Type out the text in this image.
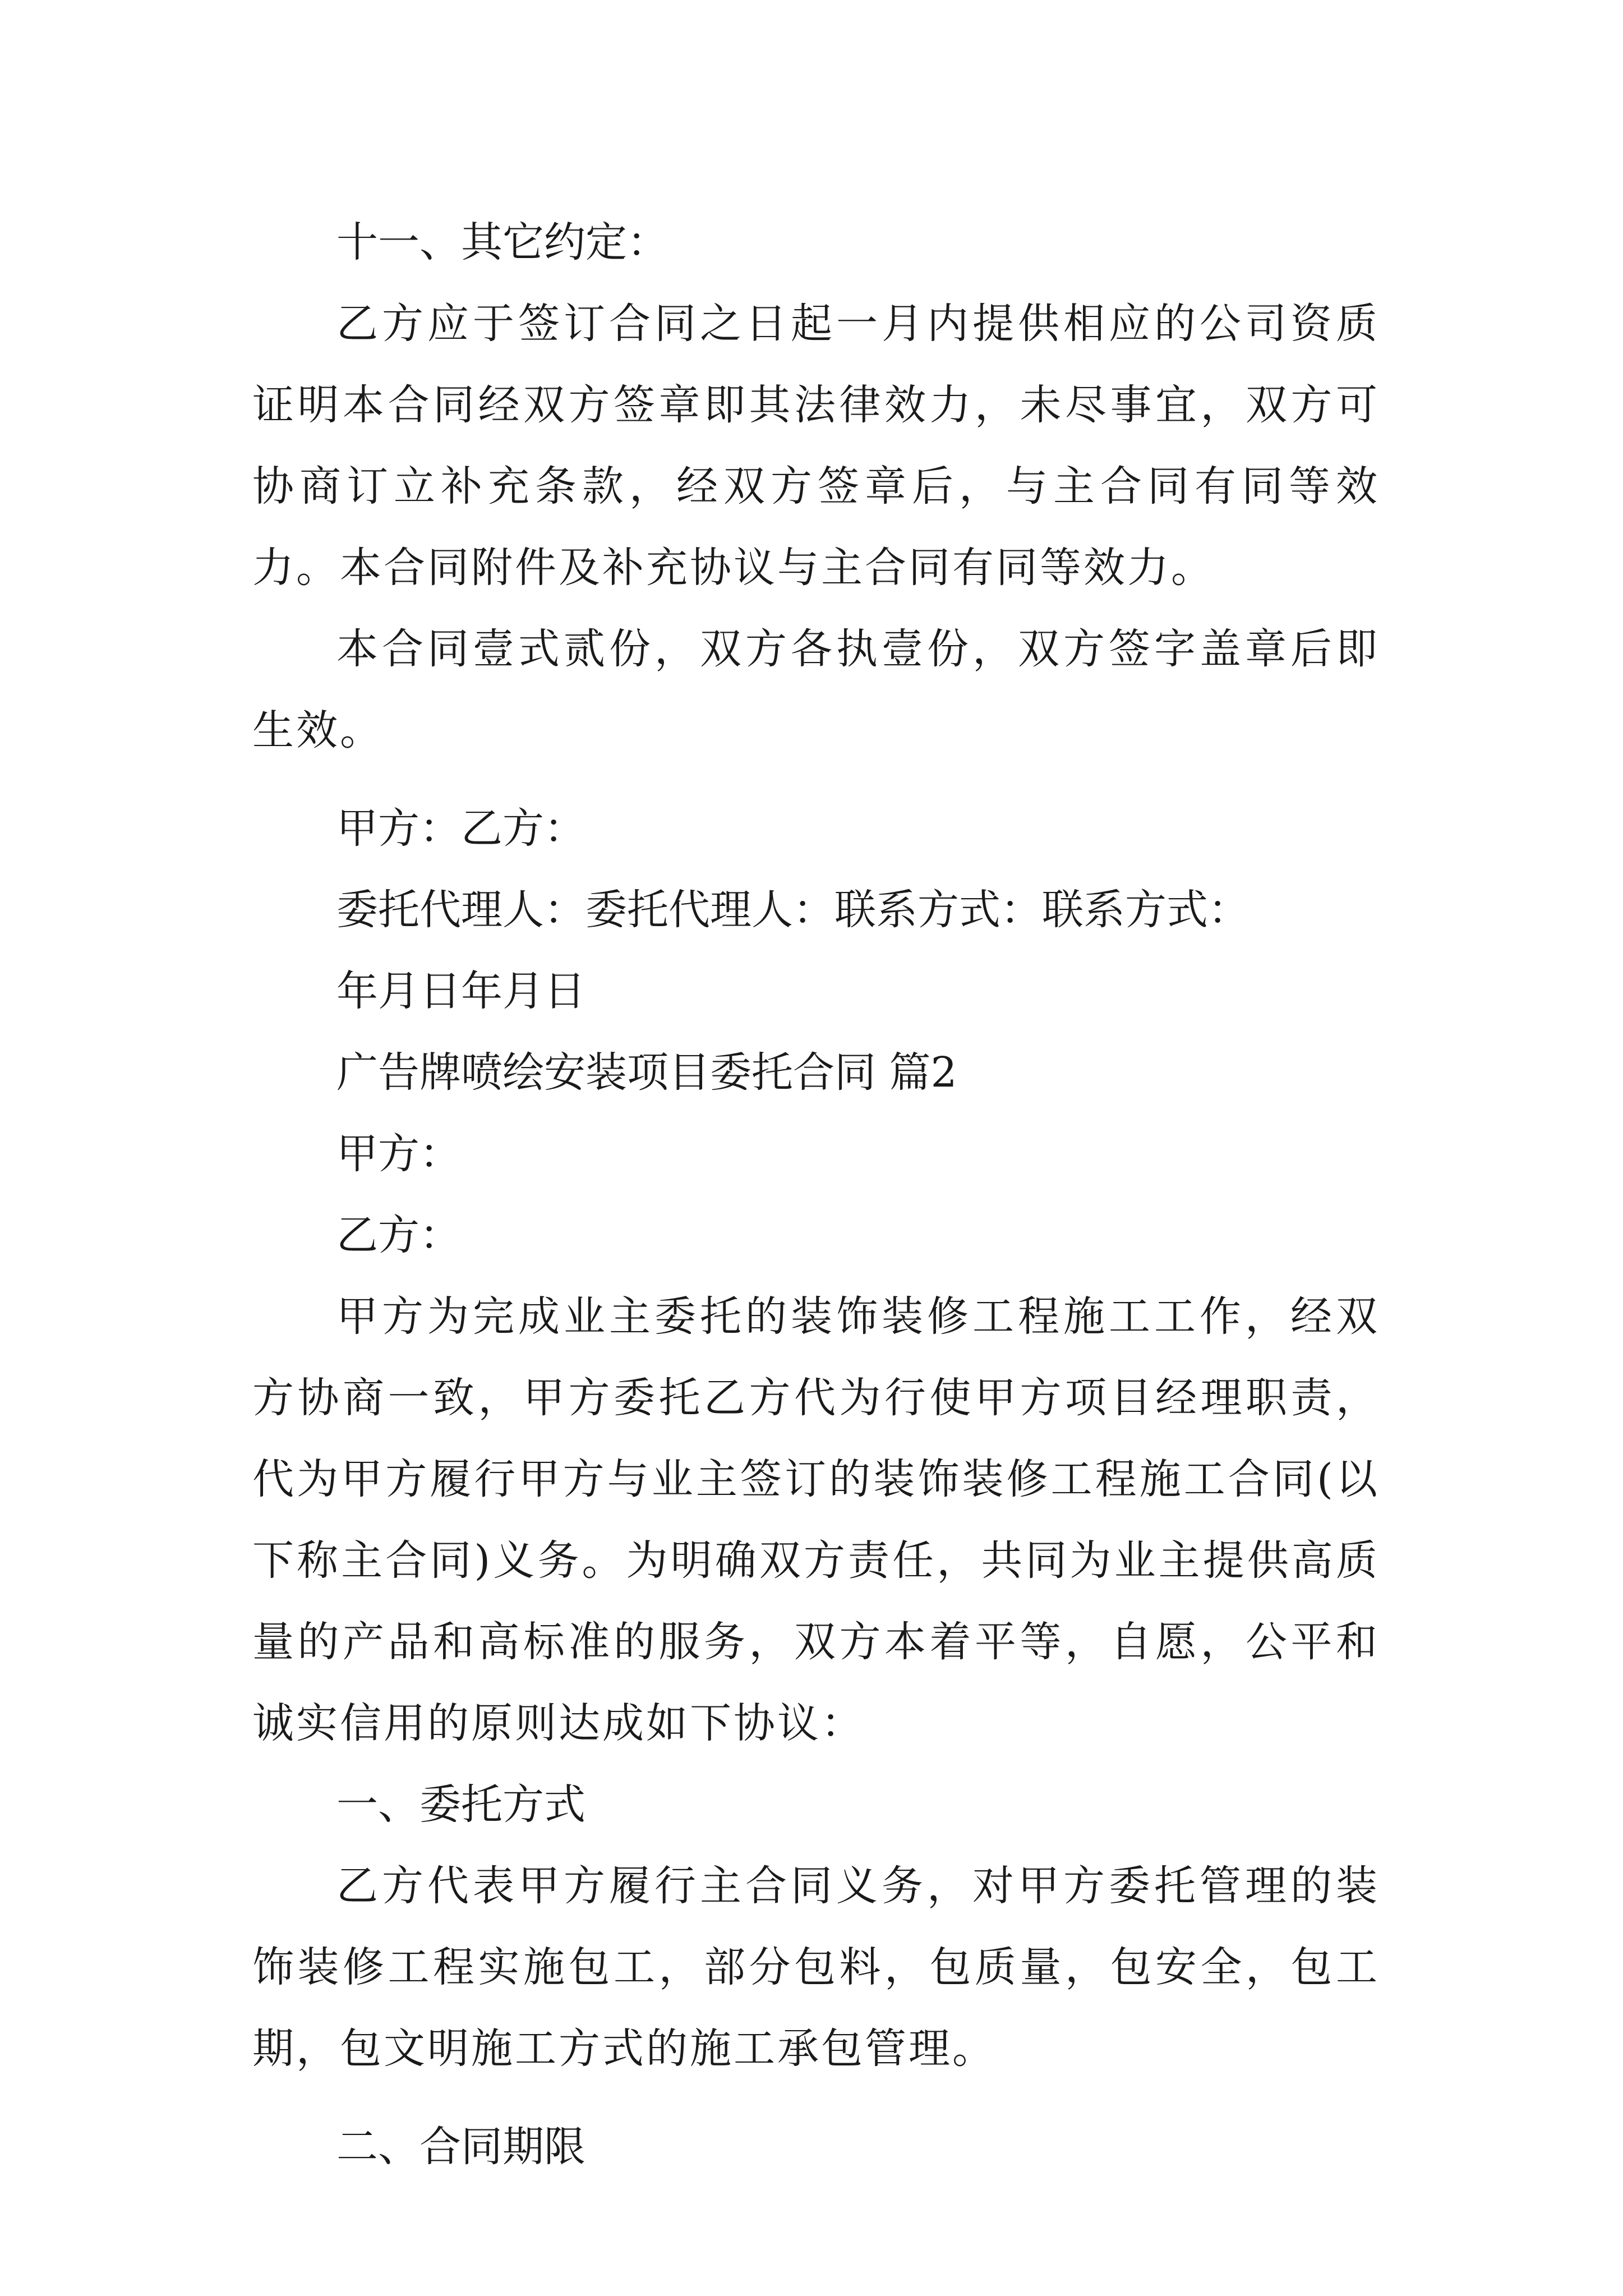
十一、其它约定：

乙方应于签订合同之日起一月内提供相应的公司资质证明本合同经双方签章即其法律效力，未尽事宜，双方可协商订立补充条款，经双方签章后，与主合同有同等效力。本合同附件及补充协议与主合同有同等效力。

本合同壹式贰份，双方各执壹份，双方签字盖章后即生效。

甲方：乙方：

委托代理人：委托代理人：联系方式：联系方式：

年月日年月日

广告牌喷绘安装项目委托合同 篇2

甲方：

乙方：

甲方为完成业主委托的装饰装修工程施工工作，经双方协商一致，甲方委托乙方代为行使甲方项目经理职责，代为甲方履行甲方与业主签订的装饰装修工程施工合同(以下称主合同)义务。为明确双方责任，共同为业主提供高质量的产品和高标准的服务，双方本着平等，自愿，公平和诚实信用的原则达成如下协议：

一、委托方式

乙方代表甲方履行主合同义务，对甲方委托管理的装饰装修工程实施包工，部分包料，包质量，包安全，包工期，包文明施工方式的施工承包管理。

二、合同期限
